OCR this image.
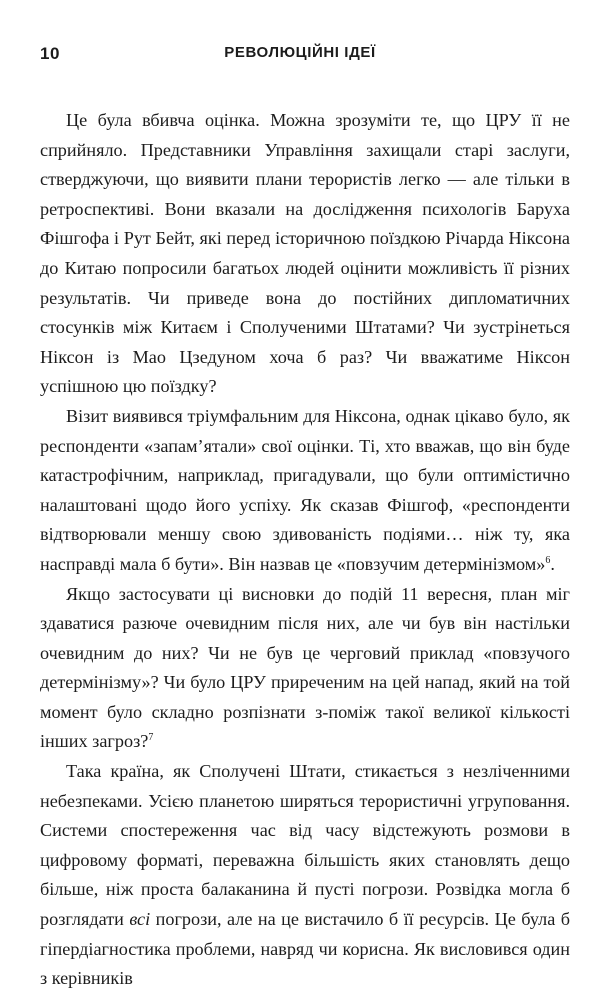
10	РЕВОЛЮЦІЙНІ ІДЕЇ

Це була вбивча оцінка. Можна зрозуміти те, що ЦРУ її не сприйняло. Представники Управління захищали старі заслуги, стверджуючи, що виявити плани терористів легко — але тільки в ретроспективі. Вони вказали на дослідження психологів Баруха Фішгофа і Рут Бейт, які перед історичною поїздкою Річарда Ніксона до Китаю попросили багатьох людей оцінити можливість її різних результатів. Чи приведе вона до постійних дипломатичних стосунків між Китаєм і Сполученими Штатами? Чи зустрінеться Ніксон із Мао Цзедуном хоча б раз? Чи вважатиме Ніксон успішною цю поїздку?

Візит виявився тріумфальним для Ніксона, однак цікаво було, як респонденти «запам’ятали» свої оцінки. Ті, хто вважав, що він буде катастрофічним, наприклад, пригадували, що були оптимістично налаштовані щодо його успіху. Як сказав Фішгоф, «респонденти відтворювали меншу свою здивованість подіями… ніж ту, яка насправді мала б бути». Він назвав це «повзучим детермінізмом»$^6$.

Якщо застосувати ці висновки до подій 11 вересня, план міг здаватися разюче очевидним після них, але чи був він настільки очевидним до них? Чи не був це черговий приклад «повзучого детермінізму»? Чи було ЦРУ приреченим на цей напад, який на той момент було складно розпізнати з-поміж такої великої кількості інших загроз?$^7$

Така країна, як Сполучені Штати, стикається з незліченними небезпеками. Усією планетою ширяться терористичні угруповання. Системи спостереження час від часу відстежують розмови в цифровому форматі, переважна більшість яких становлять дещо більше, ніж проста балаканина й пусті погрози. Розвідка могла б розглядати всі погрози, але на це вистачило б її ресурсів. Це була б гіпердіагностика проблеми, навряд чи корисна. Як висловився один з керівників
